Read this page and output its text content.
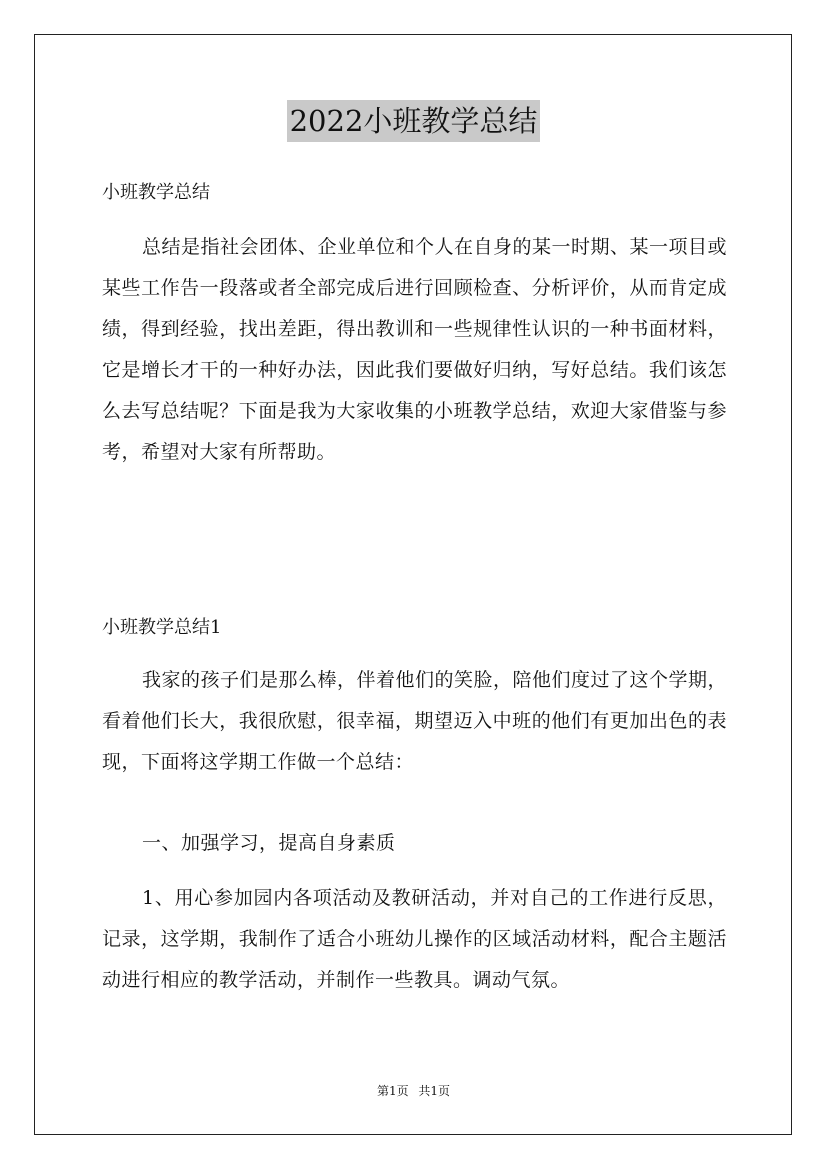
2022小班教学总结
小班教学总结
总结是指社会团体、企业单位和个人在自身的某一时期、某一项目或某些工作告一段落或者全部完成后进行回顾检查、分析评价，从而肯定成绩，得到经验，找出差距，得出教训和一些规律性认识的一种书面材料，它是增长才干的一种好办法，因此我们要做好归纳，写好总结。我们该怎么去写总结呢？下面是我为大家收集的小班教学总结，欢迎大家借鉴与参考，希望对大家有所帮助。
小班教学总结1
我家的孩子们是那么棒，伴着他们的笑脸，陪他们度过了这个学期，看着他们长大，我很欣慰，很幸福，期望迈入中班的他们有更加出色的表现，下面将这学期工作做一个总结：
一、加强学习，提高自身素质
1、用心参加园内各项活动及教研活动，并对自己的工作进行反思，记录，这学期，我制作了适合小班幼儿操作的区域活动材料，配合主题活动进行相应的教学活动，并制作一些教具。调动气氛。
第1页 共1页
